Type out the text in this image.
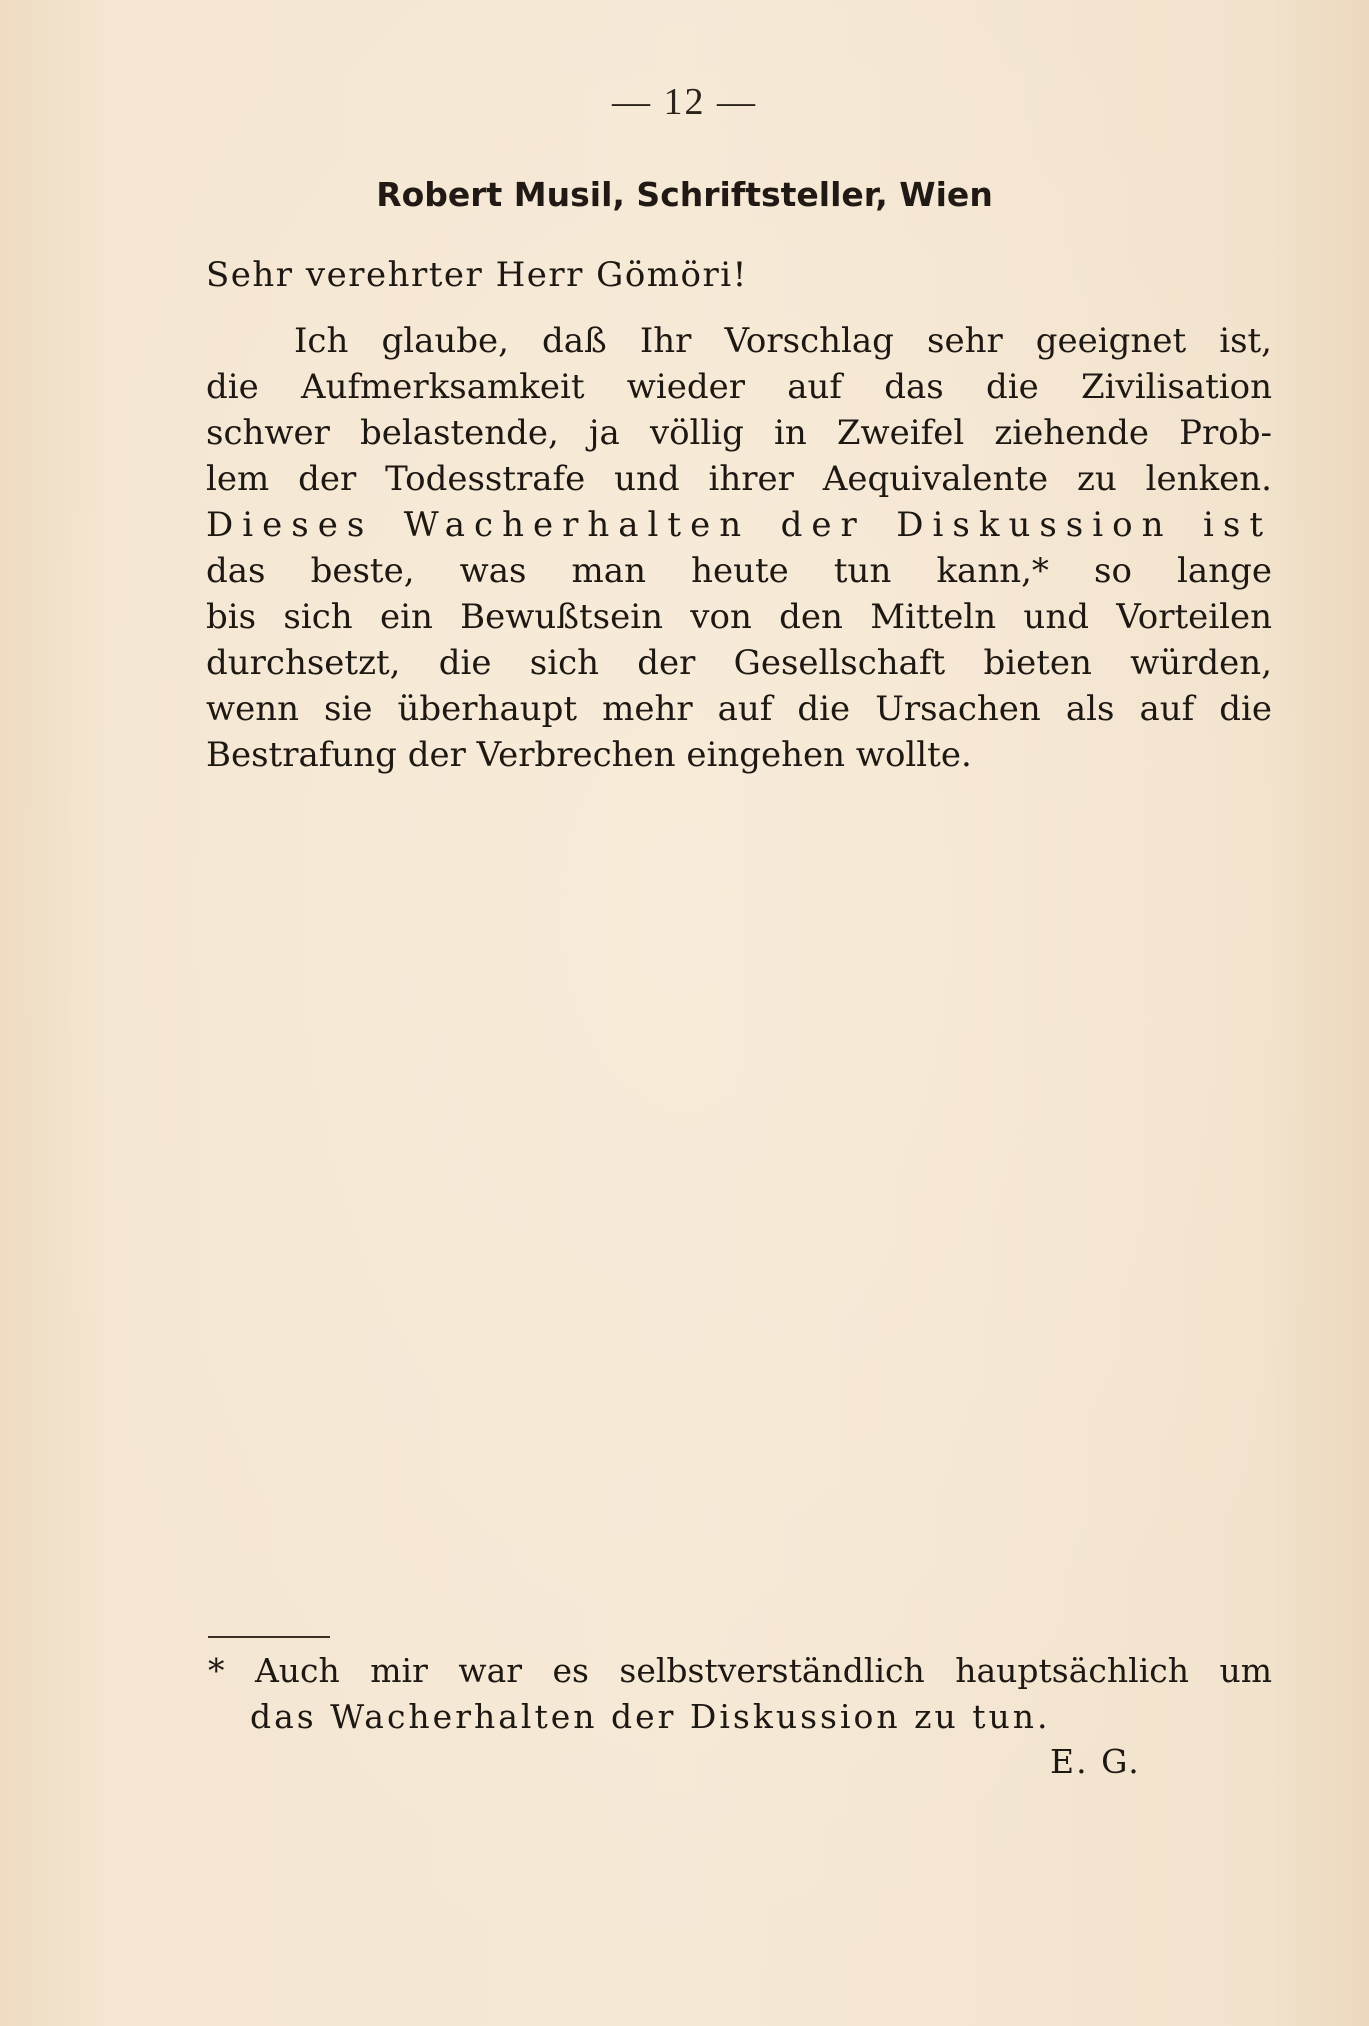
— 12 —
Robert Musil, Schriftsteller, Wien
Sehr verehrter Herr Gömöri!
Ich glaube, daß Ihr Vorschlag sehr geeignet ist,
die Aufmerksamkeit wieder auf das die Zivilisation
schwer belastende, ja völlig in Zweifel ziehende Prob-
lem der Todesstrafe und ihrer Aequivalente zu lenken.
Dieses Wacherhalten der Diskussion ist
das beste, was man heute tun kann,* so lange
bis sich ein Bewußtsein von den Mitteln und Vorteilen
durchsetzt, die sich der Gesellschaft bieten würden,
wenn sie überhaupt mehr auf die Ursachen als auf die
Bestrafung der Verbrechen eingehen wollte.
* Auch mir war es selbstverständlich hauptsächlich um
das Wacherhalten der Diskussion zu tun.
E. G.
